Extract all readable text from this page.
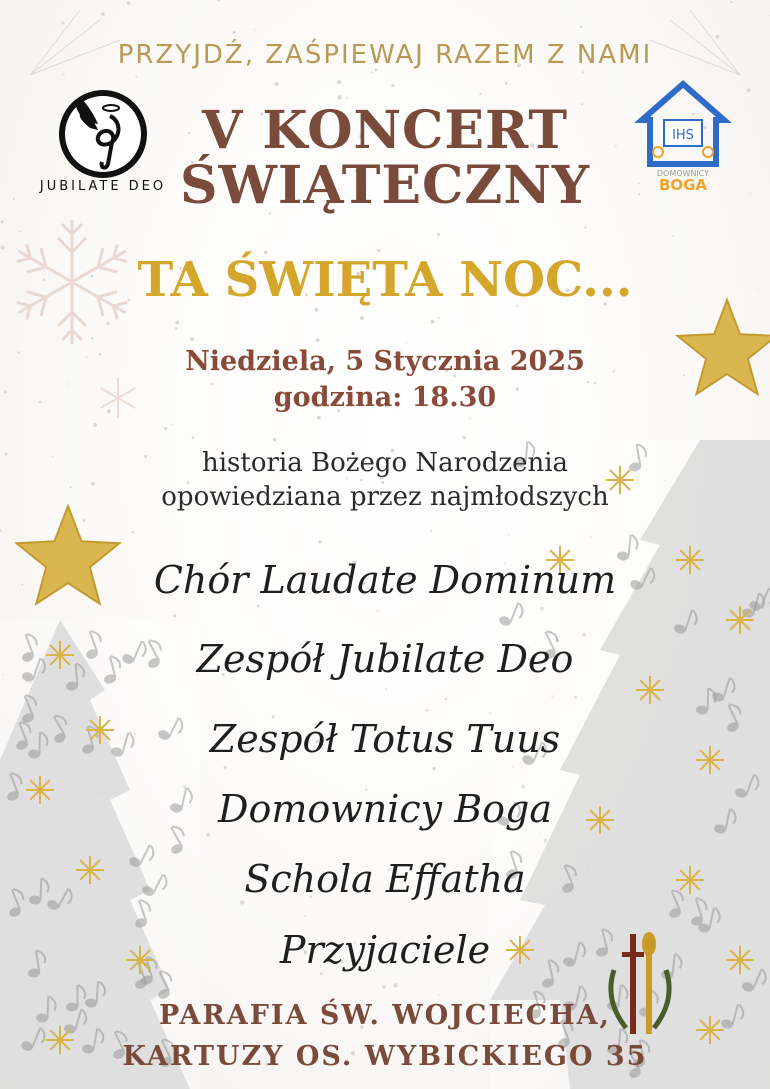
JUBILATE DEO
IHS
DOMOWNICY
BOGA

PRZYJDŹ, ZAŚPIEWAJ RAZEM Z NAMI

V KONCERT

ŚWIĄTECZNY

TA ŚWIĘTA NOC...

Niedziela, 5 Stycznia 2025

godzina: 18.30

historia Bożego Narodzenia

opowiedziana przez najmłodszych

Chór Laudate Dominum

Zespół Jubilate Deo

Zespół Totus Tuus

Domownicy Boga

Schola Effatha

Przyjaciele

PARAFIA ŚW. WOJCIECHA,

KARTUZY OS. WYBICKIEGO 35
